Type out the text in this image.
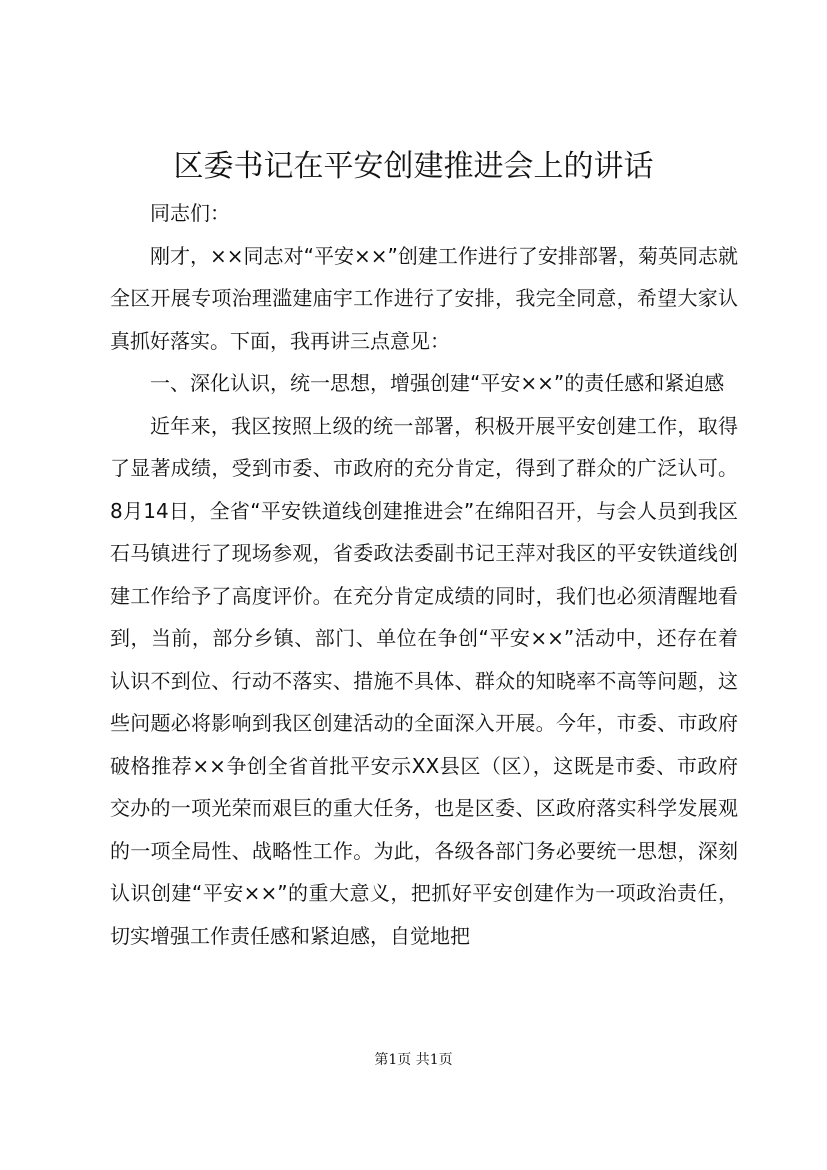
区委书记在平安创建推进会上的讲话

同志们：

刚才，××同志对“平安××”创建工作进行了安排部署，菊英同志就全区开展专项治理滥建庙宇工作进行了安排，我完全同意，希望大家认真抓好落实。下面，我再讲三点意见：

一、深化认识，统一思想，增强创建“平安××”的责任感和紧迫感

近年来，我区按照上级的统一部署，积极开展平安创建工作，取得了显著成绩，受到市委、市政府的充分肯定，得到了群众的广泛认可。8月14日，全省“平安铁道线创建推进会”在绵阳召开，与会人员到我区石马镇进行了现场参观，省委政法委副书记王萍对我区的平安铁道线创建工作给予了高度评价。在充分肯定成绩的同时，我们也必须清醒地看到，当前，部分乡镇、部门、单位在争创“平安××”活动中，还存在着认识不到位、行动不落实、措施不具体、群众的知晓率不高等问题，这些问题必将影响到我区创建活动的全面深入开展。今年，市委、市政府破格推荐××争创全省首批平安示XX县区（区），这既是市委、市政府交办的一项光荣而艰巨的重大任务，也是区委、区政府落实科学发展观的一项全局性、战略性工作。为此，各级各部门务必要统一思想，深刻认识创建“平安××”的重大意义，把抓好平安创建作为一项政治责任，切实增强工作责任感和紧迫感，自觉地把

第1页 共1页
